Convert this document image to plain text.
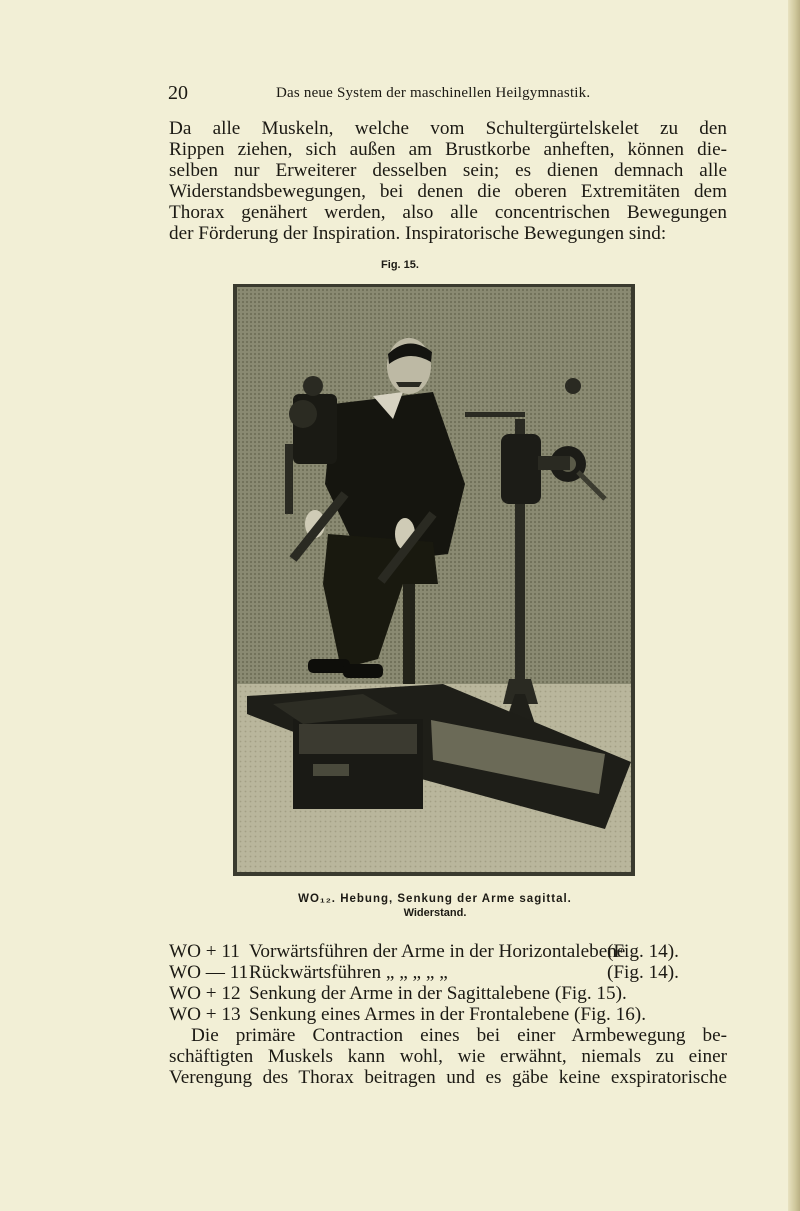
20	Das neue System der maschinellen Heilgymnastik.
Da alle Muskeln, welche vom Schultergürtelskelet zu den
Rippen ziehen, sich außen am Brustkorbe anheften, können die-
selben nur Erweiterer desselben sein; es dienen demnach alle
Widerstandsbewegungen, bei denen die oberen Extremitäten dem
Thorax genähert werden, also alle concentrischen Bewegungen
der Förderung der Inspiration. Inspiratorische Bewegungen sind:
Fig. 15.
WO₁₂. Hebung, Senkung der Arme sagittal.
Widerstand.
WO + 11 Vorwärtsführen der Arme in der Horizontalebene
(Fig. 14).
WO — 11 Rückwärtsführen „ „ „ „ „	(Fig. 14).
WO + 12 Senkung der Arme in der Sagittalebene (Fig. 15).
WO + 13 Senkung eines Armes in der Frontalebene (Fig. 16).
Die primäre Contraction eines bei einer Armbewegung be-
schäftigten Muskels kann wohl, wie erwähnt, niemals zu einer
Verengung des Thorax beitragen und es gäbe keine exspiratorische
